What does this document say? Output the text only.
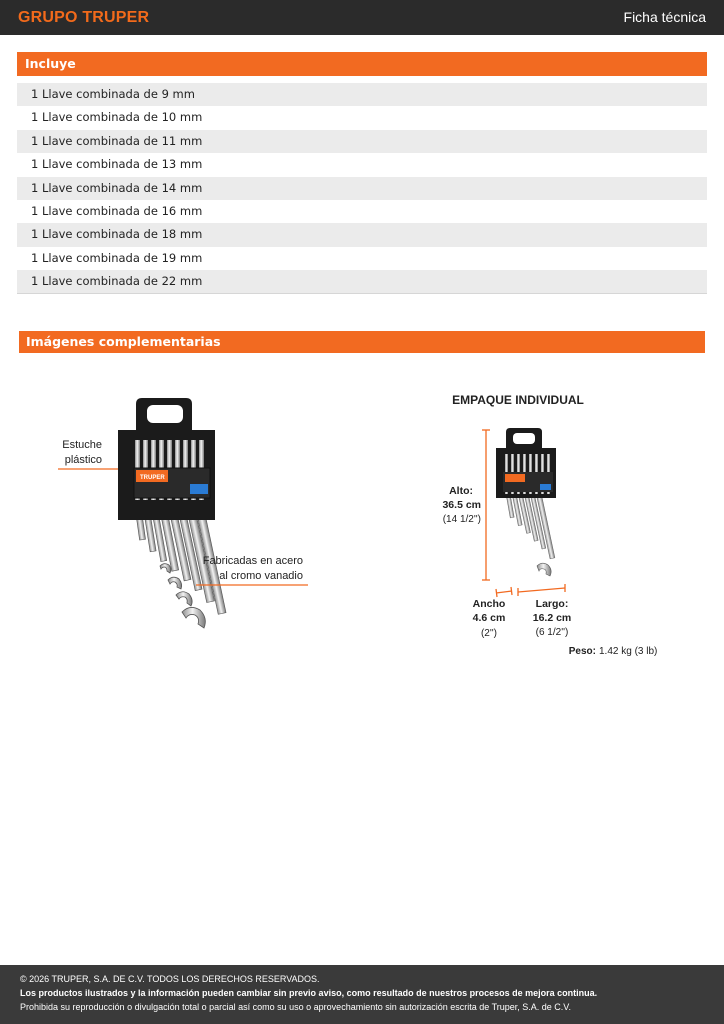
GRUPO TRUPER	Ficha técnica
Incluye
1 Llave combinada de 9 mm
1 Llave combinada de 10 mm
1 Llave combinada de 11 mm
1 Llave combinada de 13 mm
1 Llave combinada de 14 mm
1 Llave combinada de 16 mm
1 Llave combinada de 18 mm
1 Llave combinada de 19 mm
1 Llave combinada de 22 mm
Imágenes complementarias
TRUPER
Estuche
plástico
Fabricadas en acero
al cromo vanadio
EMPAQUE INDIVIDUAL
Alto:
36.5 cm
(14 1/2'')
Ancho
4.6 cm
(2'')
Largo:
16.2 cm
(6 1/2'')
Peso: 1.42 kg (3 lb)
© 2026 TRUPER, S.A. DE C.V. TODOS LOS DERECHOS RESERVADOS.
Los productos ilustrados y la información pueden cambiar sin previo aviso, como resultado de nuestros procesos de mejora continua.
Prohibida su reproducción o divulgación total o parcial así como su uso o aprovechamiento sin autorización escrita de Truper, S.A. de C.V.
